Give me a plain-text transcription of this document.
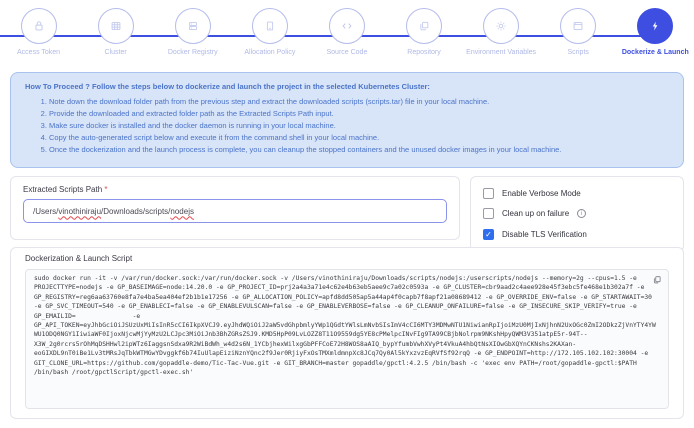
Access Token	Cluster	Docker Registry	Allocation Policy	Source Code	Repository	Environment Variables	Scripts	Dockerize & Launch
How To Proceed ? Follow the steps below to dockerize and launch the project in the selected Kubernetes Cluster:
1. Note down the download folder path from the previous step and extract the downloaded scripts (scripts.tar) file in your local machine.
2. Provide the downloaded and extracted folder path as the Extracted Scripts Path input.
3. Make sure docker is installed and the docker daemon is running in your local machine.
4. Copy the auto-generated script below and execute it from the command shell in your local machine.
5. Once the dockerization and the launch process is complete, you can cleanup the stopped containers and the unused docker images in your local machine.
Extracted Scripts Path *
/Users/ vinothiniraju /Downloads/scripts/ nodejs
Enable Verbose Mode
Clean up on failure	i
✓ Disable TLS Verification
Dockerization & Launch Script
sudo docker run -it -v /var/run/docker.sock:/var/run/docker.sock -v /Users/vinothiniraju/Downloads/scripts/nodejs:/userscripts/nodejs --memory=2g --cpus=1.5 -e
PROJECTTYPE=nodejs -e GP_BASEIMAGE=node:14.20.0 -e GP_PROJECT_ID=prj2a4a3a71e4c62e4b63eb5aee9c7a02c0593a -e GP_CLUSTER=cbr9aad2c4aee928e45f3ebc5fe468e1b302a7f -e
GP_REGISTRY=reg6aa63760e8fa7e4ba5ea404ef2b1b1e17256 -e GP_ALLOCATION_POLICY=apfd8dd505ap5a44ap4f0capb7f8apf21a08689412 -e GP_OVERRIDE_ENV=false -e GP_STARTAWAIT=30
-e GP_SVC_TIMEOUT=540 -e GP_ENABLECI=false -e GP_ENABLEVULSCAN=false -e GP_ENABLEVERBOSE=false -e GP_CLEANUP_ONFAILURE=false -e GP_INSECURE_SKIP_VERIFY=true -e
GP_EMAILID=               -e
GP_API_TOKEN=eyJhbGciOiJSUzUxMiIsInR5cCI6IkpXVCJ9.eyJhdWQiOiJ2aW5vdGhpbmlyYWp1QGdtYWlsLmNvbSIsImV4cCI6MTY3MDMwNTU1NiwianRpIjoiMzU0MjIxNjhnN2UxOGc0ZmI2ODkzZjVnYTY4YW
WU1ODQ0NGY1IiwiaWF0IjoxNjcwMjYyMzU2LCJpc3MiOiJnb3BhZGRsZSJ9.KMD5HpP09LvLOZZ8T11O9559dg5YE8cPMelpcINvFIg9TA99CBjbNolrpm9NKshHpyQWM3V351atpE5r-94T--
X3W_2g0rcrs5rOhMqDSHHwl2ipWTz6IaggsnSdxa9R2WiBdWh_w4d2s6N_1YCbjhexWilxgGbPFFCoE72H8WOS8aAIQ_bypYfumbVwhXVyPt4VkuA4hbQtNsXIOwGbXQYnCKNshs2KAXan-
eoGIXDL9nT0iBe1Lv3tMRsJqTbkWTMGwYDvggkf6b74IuUlapEiziNznYQnc2f9Jer0RjiyFxOsTMXmldmnpXc8JCq7Qy0Al5kYxzvzEqRVfSf92rqQ -e GP_ENDPOINT=http://172.105.102.102:30004 -e
GIT_CLONE_URL=https://github.com/gopaddle-demo/Tic-Tac-Vue.git -e GIT_BRANCH=master gopaddle/gpctl:4.2.5 /bin/bash -c 'exec env PATH=/root/gopaddle-gpctl:$PATH
/bin/bash /root/gpctlScript/gpctl-exec.sh'
